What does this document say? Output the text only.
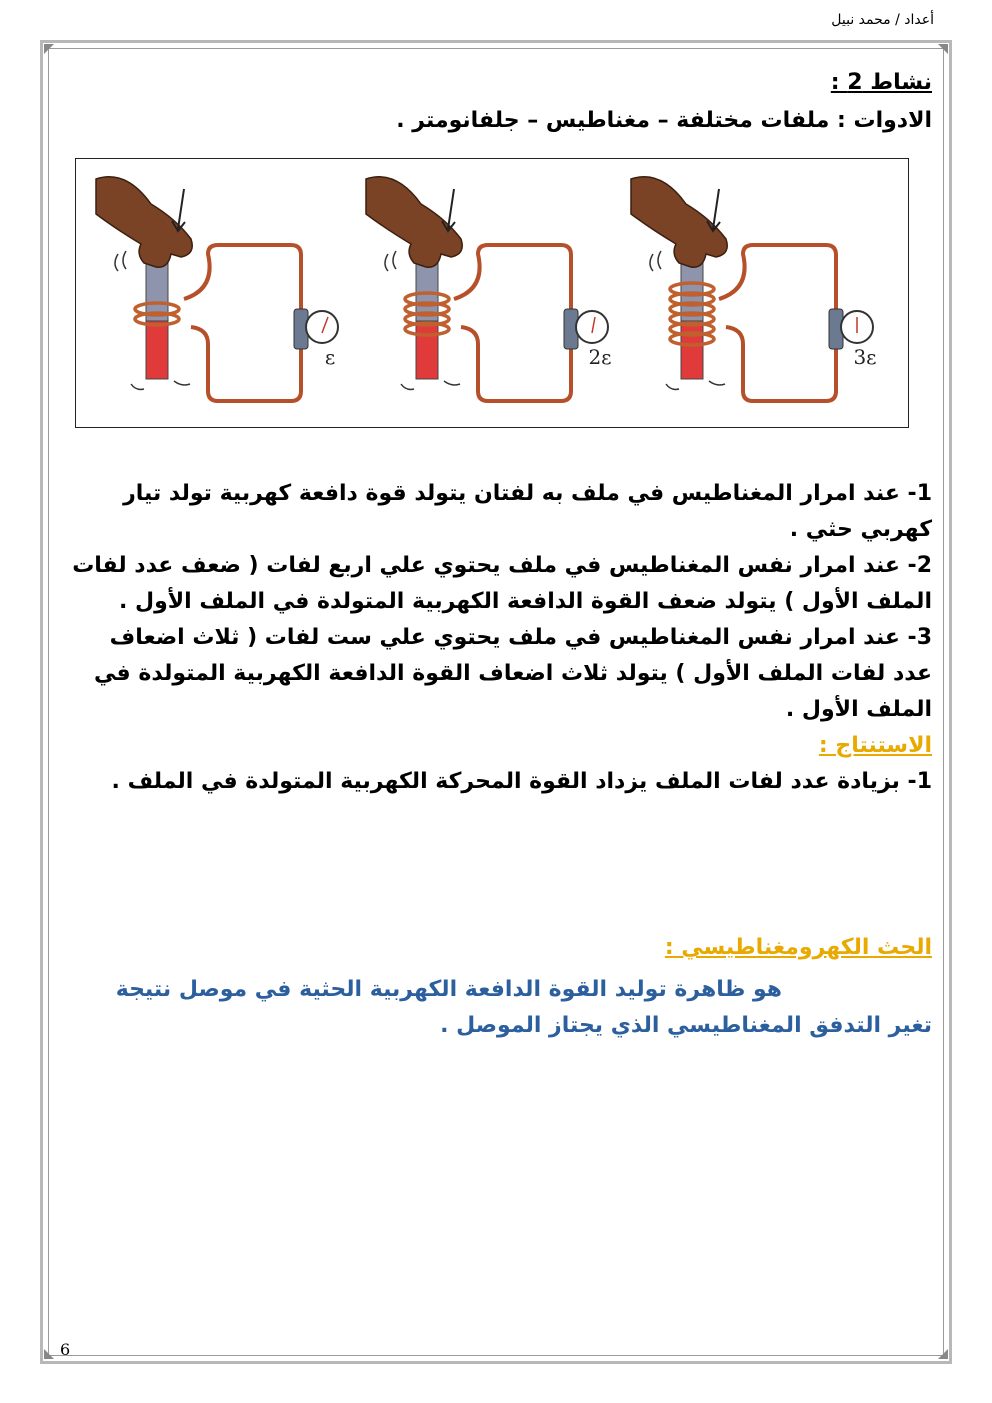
أعداد / محمد نبيل
نشاط 2 :
الادوات : ملفات مختلفة – مغناطيس – جلفانومتر .
ε	2ε	3ε

1- عند امرار المغناطيس في ملف به لفتان يتولد قوة دافعة كهربية تولد تيار كهربي حثي .

2- عند امرار نفس المغناطيس في ملف يحتوي علي اربع لفات ( ضعف عدد لفات الملف الأول ) يتولد ضعف القوة الدافعة الكهربية المتولدة في الملف الأول .

3- عند امرار نفس المغناطيس في ملف يحتوي علي ست لفات ( ثلاث اضعاف عدد لفات الملف الأول ) يتولد ثلاث اضعاف القوة الدافعة الكهربية المتولدة في الملف الأول .

الاستنتاج :

1- بزيادة عدد لفات الملف يزداد القوة المحركة الكهربية المتولدة في الملف .

الحث الكهرومغناطيسي :

هو ظاهرة توليد القوة الدافعة الكهربية الحثية في موصل نتيجة تغير التدفق المغناطيسي الذي يجتاز الموصل .

6
